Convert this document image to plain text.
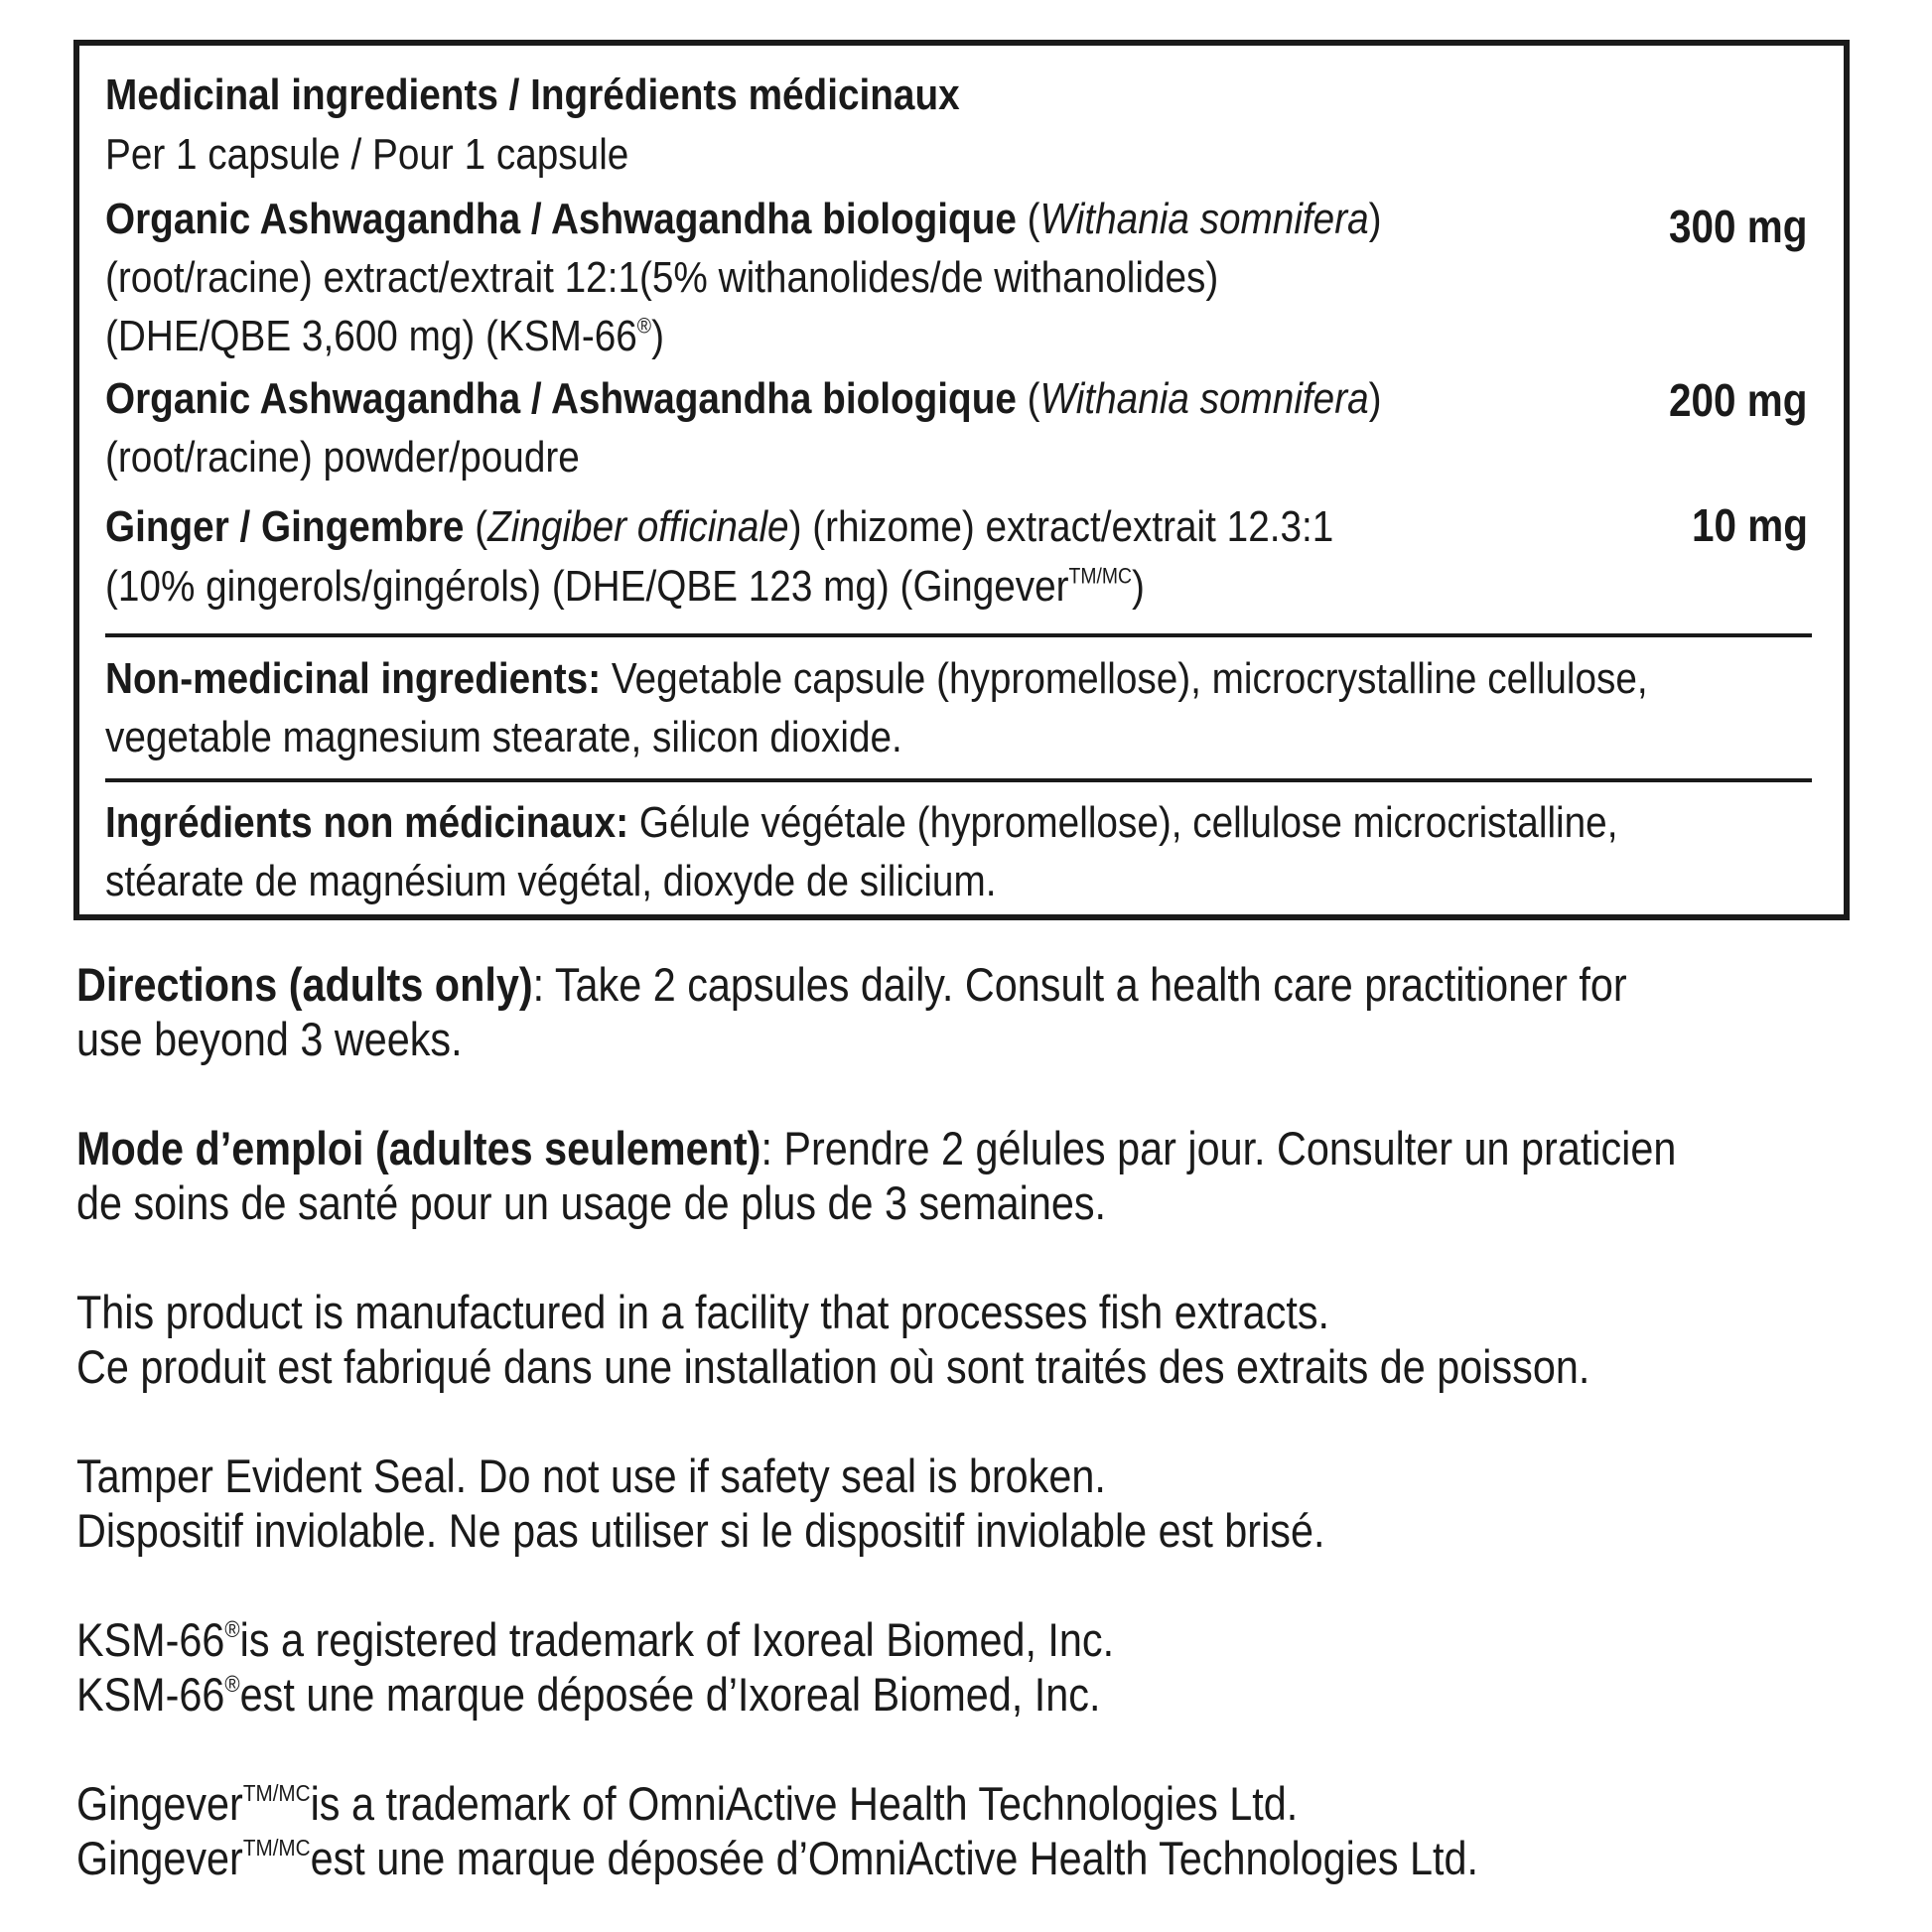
Medicinal ingredients / Ingrédients médicinaux
Per 1 capsule / Pour 1 capsule
Organic Ashwagandha / Ashwagandha biologique (Withania somnifera)	300 mg
(root/racine) extract/extrait 12:1(5% withanolides/de withanolides)
(DHE/QBE 3,600 mg) (KSM-66®)
Organic Ashwagandha / Ashwagandha biologique (Withania somnifera)	200 mg
(root/racine) powder/poudre
Ginger / Gingembre (Zingiber officinale) (rhizome) extract/extrait 12.3:1	10 mg
(10% gingerols/gingérols) (DHE/QBE 123 mg) (Gingever$^{TM/MC}$)
Non-medicinal ingredients: Vegetable capsule (hypromellose), microcrystalline cellulose,
vegetable magnesium stearate, silicon dioxide.
Ingrédients non médicinaux: Gélule végétale (hypromellose), cellulose microcristalline,
stéarate de magnésium végétal, dioxyde de silicium.
Directions (adults only): Take 2 capsules daily. Consult a health care practitioner for
use beyond 3 weeks.
Mode d’emploi (adultes seulement): Prendre 2 gélules par jour. Consulter un praticien
de soins de santé pour un usage de plus de 3 semaines.
This product is manufactured in a facility that processes fish extracts.
Ce produit est fabriqué dans une installation où sont traités des extraits de poisson.
Tamper Evident Seal. Do not use if safety seal is broken.
Dispositif inviolable. Ne pas utiliser si le dispositif inviolable est brisé.
KSM-66®is a registered trademark of Ixoreal Biomed, Inc.
KSM-66®est une marque déposée d’Ixoreal Biomed, Inc.
Gingever$^{TM/MC}$is a trademark of OmniActive Health Technologies Ltd.
Gingever$^{TM/MC}$est une marque déposée d’OmniActive Health Technologies Ltd.
